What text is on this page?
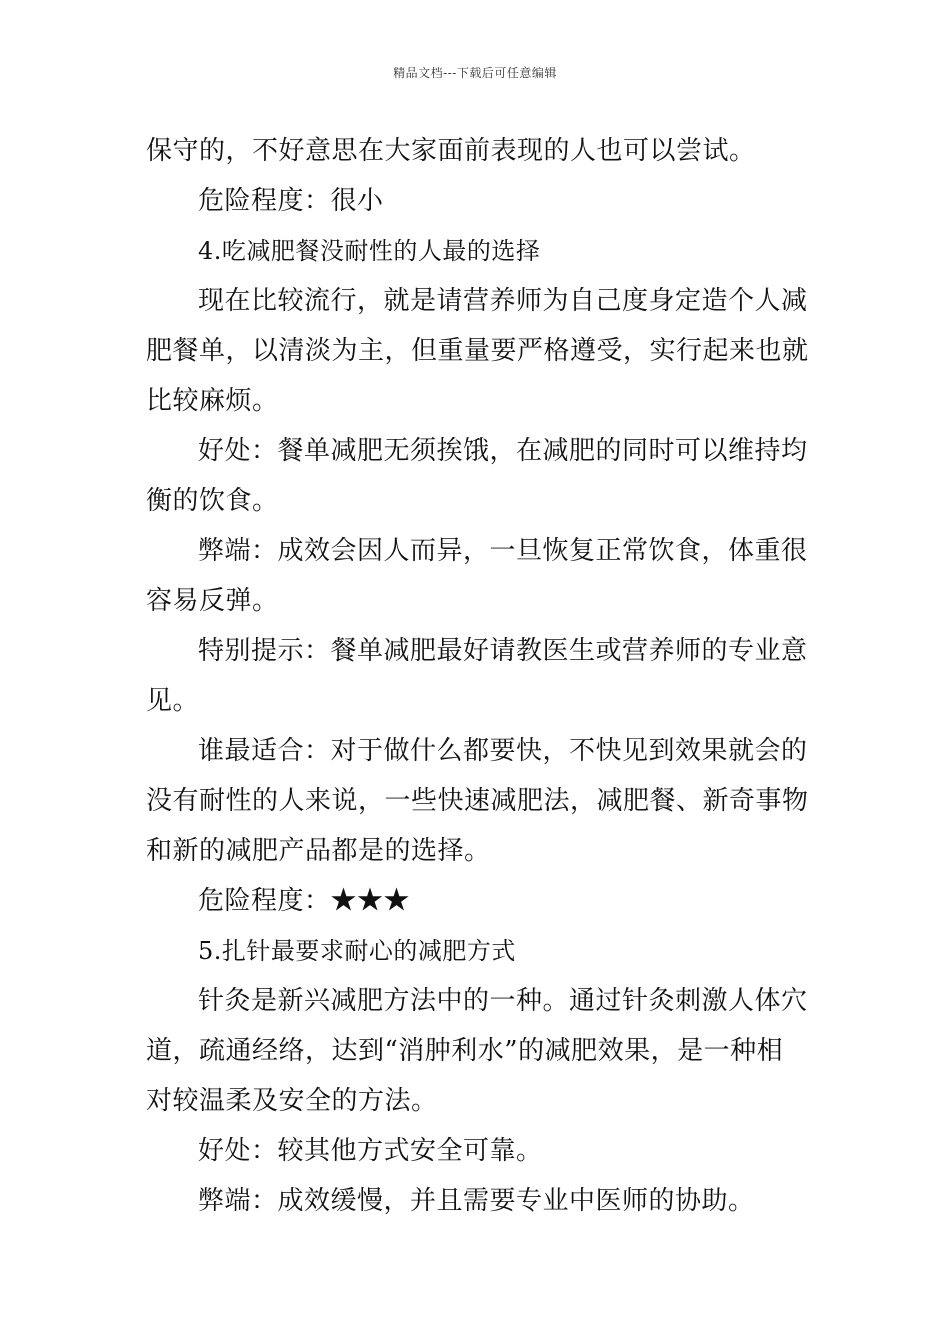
精品文档---下载后可任意编辑
保守的，不好意思在大家面前表现的人也可以尝试。
危险程度：很小
4.吃减肥餐没耐性的人最的选择
现在比较流行，就是请营养师为自己度身定造个人减
肥餐单，以清淡为主，但重量要严格遵受，实行起来也就
比较麻烦。
好处：餐单减肥无须挨饿，在减肥的同时可以维持均
衡的饮食。
弊端：成效会因人而异，一旦恢复正常饮食，体重很
容易反弹。
特别提示：餐单减肥最好请教医生或营养师的专业意
见。
谁最适合：对于做什么都要快，不快见到效果就会的
没有耐性的人来说，一些快速减肥法，减肥餐、新奇事物
和新的减肥产品都是的选择。
危险程度：★★★
5.扎针最要求耐心的减肥方式
针灸是新兴减肥方法中的一种。通过针灸刺激人体穴
道，疏通经络，达到“消肿利水”的减肥效果，是一种相
对较温柔及安全的方法。
好处：较其他方式安全可靠。
弊端：成效缓慢，并且需要专业中医师的协助。
